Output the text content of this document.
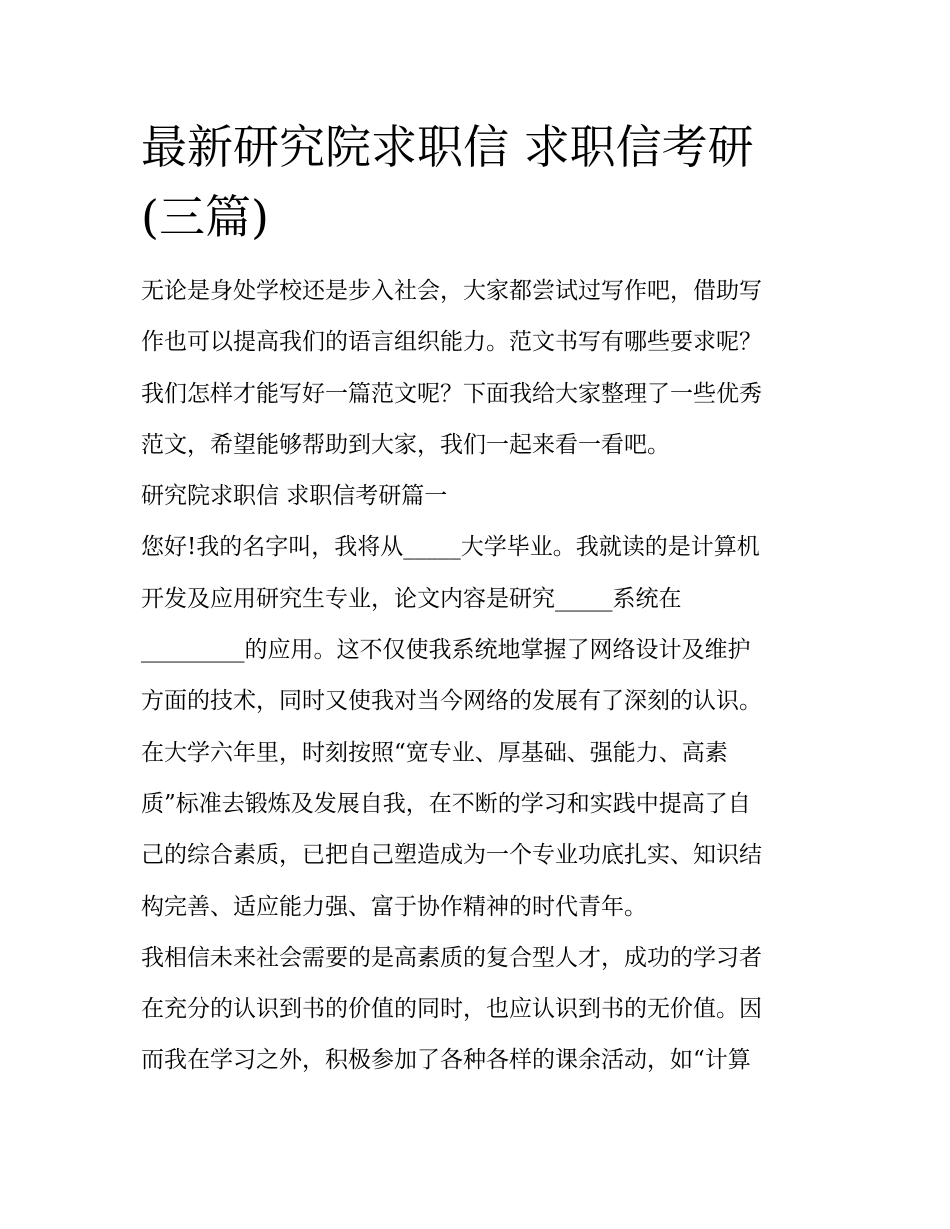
最新研究院求职信 求职信考研
(三篇)
无论是身处学校还是步入社会，大家都尝试过写作吧，借助写
作也可以提高我们的语言组织能力。范文书写有哪些要求呢？
我们怎样才能写好一篇范文呢？下面我给大家整理了一些优秀
范文，希望能够帮助到大家，我们一起来看一看吧。
研究院求职信 求职信考研篇一
您好!我的名字叫，我将从_____大学毕业。我就读的是计算机
开发及应用研究生专业，论文内容是研究_____系统在
_________的应用。这不仅使我系统地掌握了网络设计及维护
方面的技术，同时又使我对当今网络的发展有了深刻的认识。
在大学六年里，时刻按照“宽专业、厚基础、强能力、高素
质”标准去锻炼及发展自我，在不断的学习和实践中提高了自
己的综合素质，已把自己塑造成为一个专业功底扎实、知识结
构完善、适应能力强、富于协作精神的时代青年。
我相信未来社会需要的是高素质的复合型人才，成功的学习者
在充分的认识到书的价值的同时，也应认识到书的无价值。因
而我在学习之外，积极参加了各种各样的课余活动，如“计算
